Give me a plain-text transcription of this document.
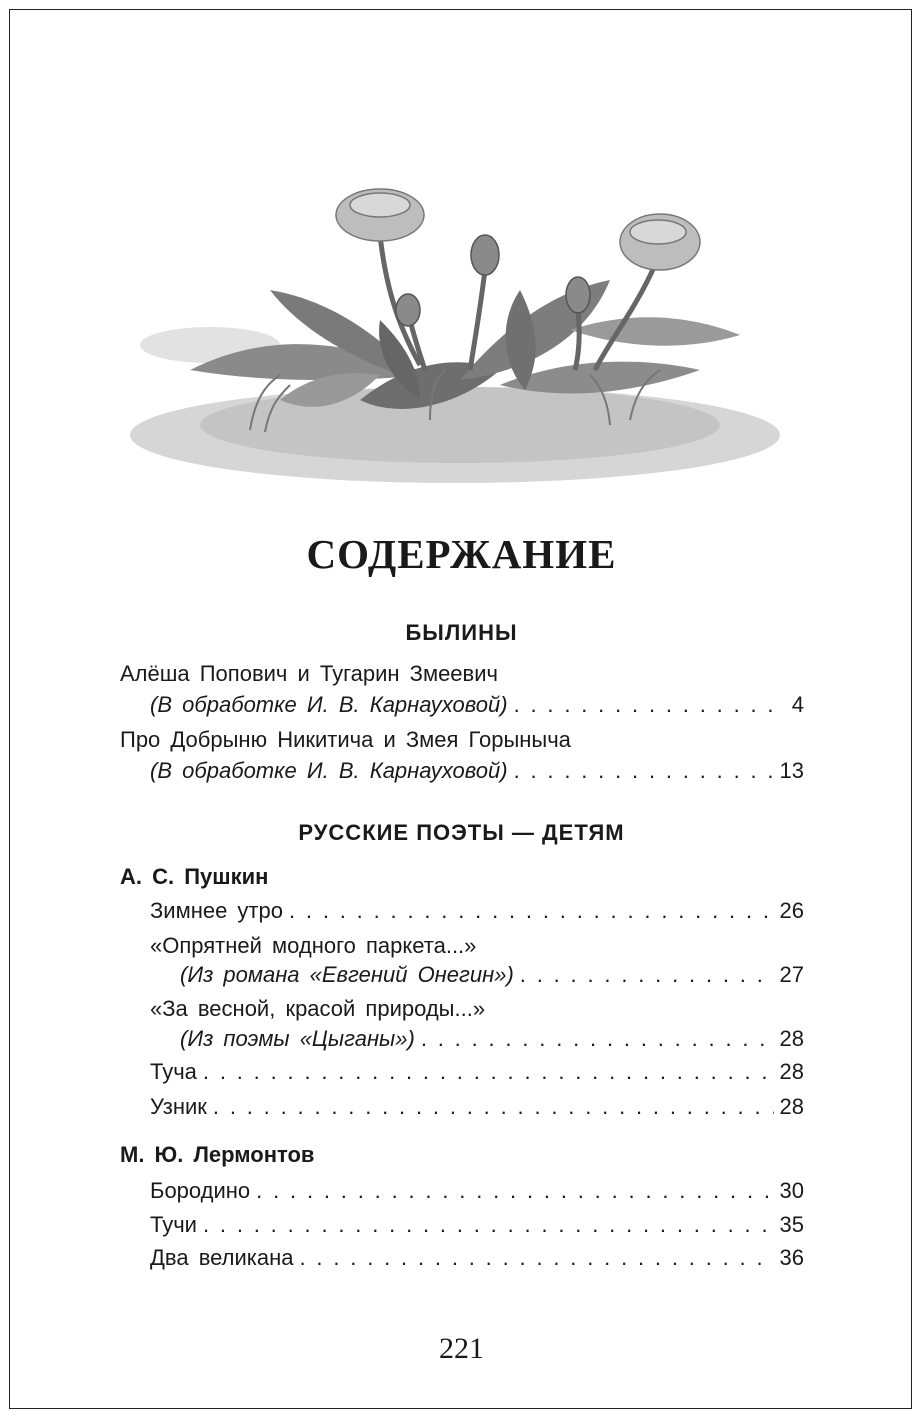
СОДЕРЖАНИЕ
БЫЛИНЫ
Алёша Попович и Тугарин Змеевич
(В обработке И. В. Карнауховой) . . .	4
Про Добрыню Никитича и Змея Горыныча
(В обработке И. В. Карнауховой) . . .	13
РУССКИЕ ПОЭТЫ — ДЕТЯМ
А. С. Пушкин
Зимнее утро . . .	26
«Опрятней модного паркета...»
(Из романа «Евгений Онегин») . . .	27
«За весной, красой природы...»
(Из поэмы «Цыганы») . . .	28
Туча . . .	28
Узник . . .	28
М. Ю. Лермонтов
Бородино . . .	30
Тучи . . .	35
Два великана . . .	36
221
